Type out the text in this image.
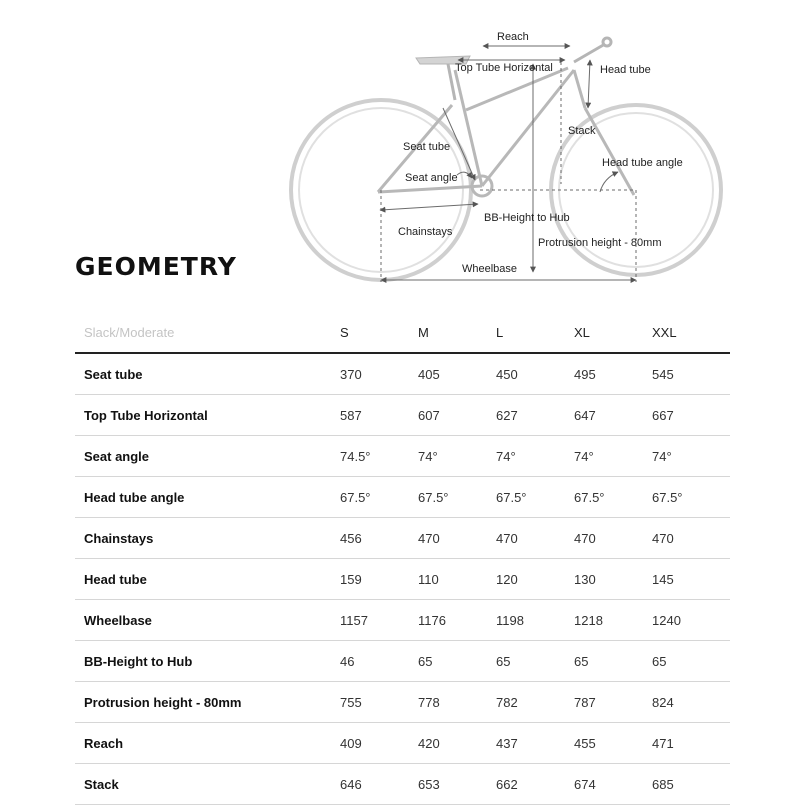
Reach
Top Tube Horizontal	Head tube
Stack
Seat tube
Head tube angle
Seat angle
BB-Height to Hub
Chainstays
Protrusion height - 80mm
Wheelbase
GEOMETRY
Slack/Moderate	S	M	L	XL	XXL
Seat tube	370	405	450	495	545
Top Tube Horizontal	587	607	627	647	667
Seat angle	74.5°	74°	74°	74°	74°
Head tube angle	67.5°	67.5°	67.5°	67.5°	67.5°
Chainstays	456	470	470	470	470
Head tube	159	110	120	130	145
Wheelbase	1157	1176	1198	1218	1240
BB-Height to Hub	46	65	65	65	65
Protrusion height - 80mm	755	778	782	787	824
Reach	409	420	437	455	471
Stack	646	653	662	674	685
